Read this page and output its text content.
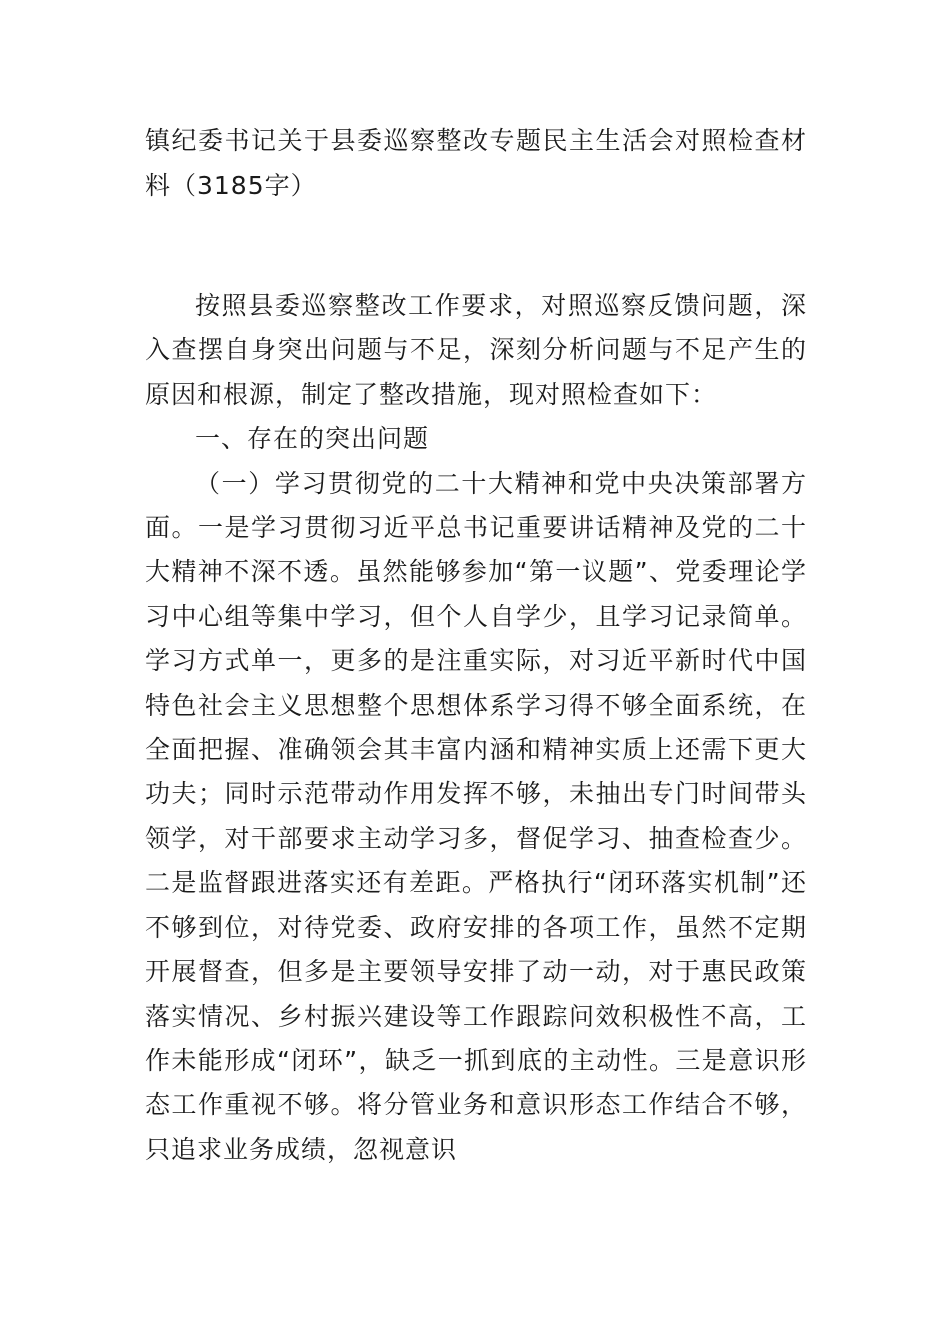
镇纪委书记关于县委巡察整改专题民主生活会对照检查材料（3185字）

按照县委巡察整改工作要求，对照巡察反馈问题，深入查摆自身突出问题与不足，深刻分析问题与不足产生的原因和根源，制定了整改措施，现对照检查如下：

一、存在的突出问题

（一）学习贯彻党的二十大精神和党中央决策部署方面。一是学习贯彻习近平总书记重要讲话精神及党的二十大精神不深不透。虽然能够参加“第一议题”、党委理论学习中心组等集中学习，但个人自学少，且学习记录简单。学习方式单一，更多的是注重实际，对习近平新时代中国特色社会主义思想整个思想体系学习得不够全面系统，在全面把握、准确领会其丰富内涵和精神实质上还需下更大功夫；同时示范带动作用发挥不够，未抽出专门时间带头领学，对干部要求主动学习多，督促学习、抽查检查少。二是监督跟进落实还有差距。严格执行“闭环落实机制”还不够到位，对待党委、政府安排的各项工作，虽然不定期开展督查，但多是主要领导安排了动一动，对于惠民政策落实情况、乡村振兴建设等工作跟踪问效积极性不高，工作未能形成“闭环”，缺乏一抓到底的主动性。三是意识形态工作重视不够。将分管业务和意识形态工作结合不够，只追求业务成绩，忽视意识
